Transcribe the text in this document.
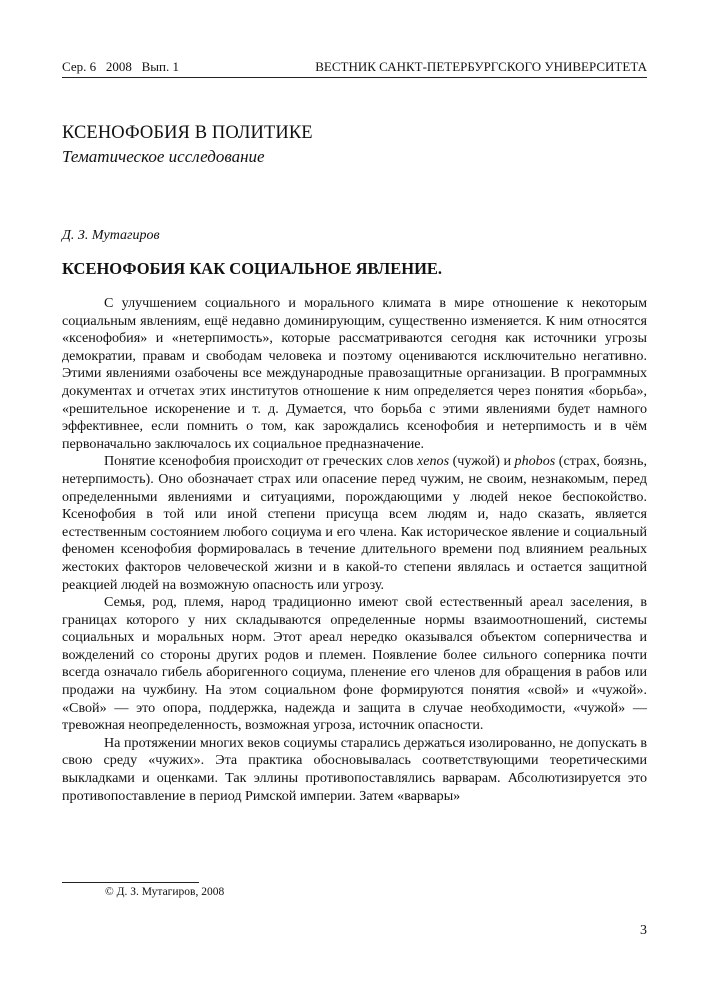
Сер. 6   2008   Вып. 1	ВЕСТНИК САНКТ-ПЕТЕРБУРГСКОГО УНИВЕРСИТЕТА
КСЕНОФОБИЯ В ПОЛИТИКЕ
Тематическое исследование
Д. З. Мутагиров
КСЕНОФОБИЯ КАК СОЦИАЛЬНОЕ ЯВЛЕНИЕ.

С улучшением социального и морального климата в мире отношение к некоторым социальным явлениям, ещё недавно доминирующим, существенно изменяется. К ним относятся «ксенофобия» и «нетерпимость», которые рассматриваются сегодня как источники угрозы демократии, правам и свободам человека и поэтому оцениваются исключительно негативно. Этими явлениями озабочены все международные правозащитные организации. В программных документах и отчетах этих институтов отношение к ним определяется через понятия «борьба», «решительное искоренение и т. д. Думается, что борьба с этими явлениями будет намного эффективнее, если помнить о том, как зарождались ксенофобия и нетерпимость и в чём первоначально заключалось их социальное предназначение.

Понятие ксенофобия происходит от греческих слов xenos (чужой) и phobos (страх, боязнь, нетерпимость). Оно обозначает страх или опасение перед чужим, не своим, незнакомым, перед определенными явлениями и ситуациями, порождающими у людей некое беспокойство. Ксенофобия в той или иной степени присуща всем людям и, надо сказать, является естественным состоянием любого социума и его члена. Как историческое явление и социальный феномен ксенофобия формировалась в течение длительного времени под влиянием реальных жестоких факторов человеческой жизни и в какой-то степени являлась и остается защитной реакцией людей на возможную опасность или угрозу.

Семья, род, племя, народ традиционно имеют свой естественный ареал заселения, в границах которого у них складываются определенные нормы взаимоотношений, системы социальных и моральных норм. Этот ареал нередко оказывался объектом соперничества и вожделений со стороны других родов и племен. Появление более сильного соперника почти всегда означало гибель аборигенного социума, пленение его членов для обращения в рабов или продажи на чужбину. На этом социальном фоне формируются понятия «свой» и «чужой». «Свой» — это опора, поддержка, надежда и защита в случае необходимости, «чужой» — тревожная неопределенность, возможная угроза, источник опасности.

На протяжении многих веков социумы старались держаться изолированно, не допускать в свою среду «чужих». Эта практика обосновывалась соответствующими теоретическими выкладками и оценками. Так эллины противопоставлялись варварам. Абсолютизируется это противопоставление в период Римской империи. Затем «варвары»

© Д. З. Мутагиров, 2008
3
